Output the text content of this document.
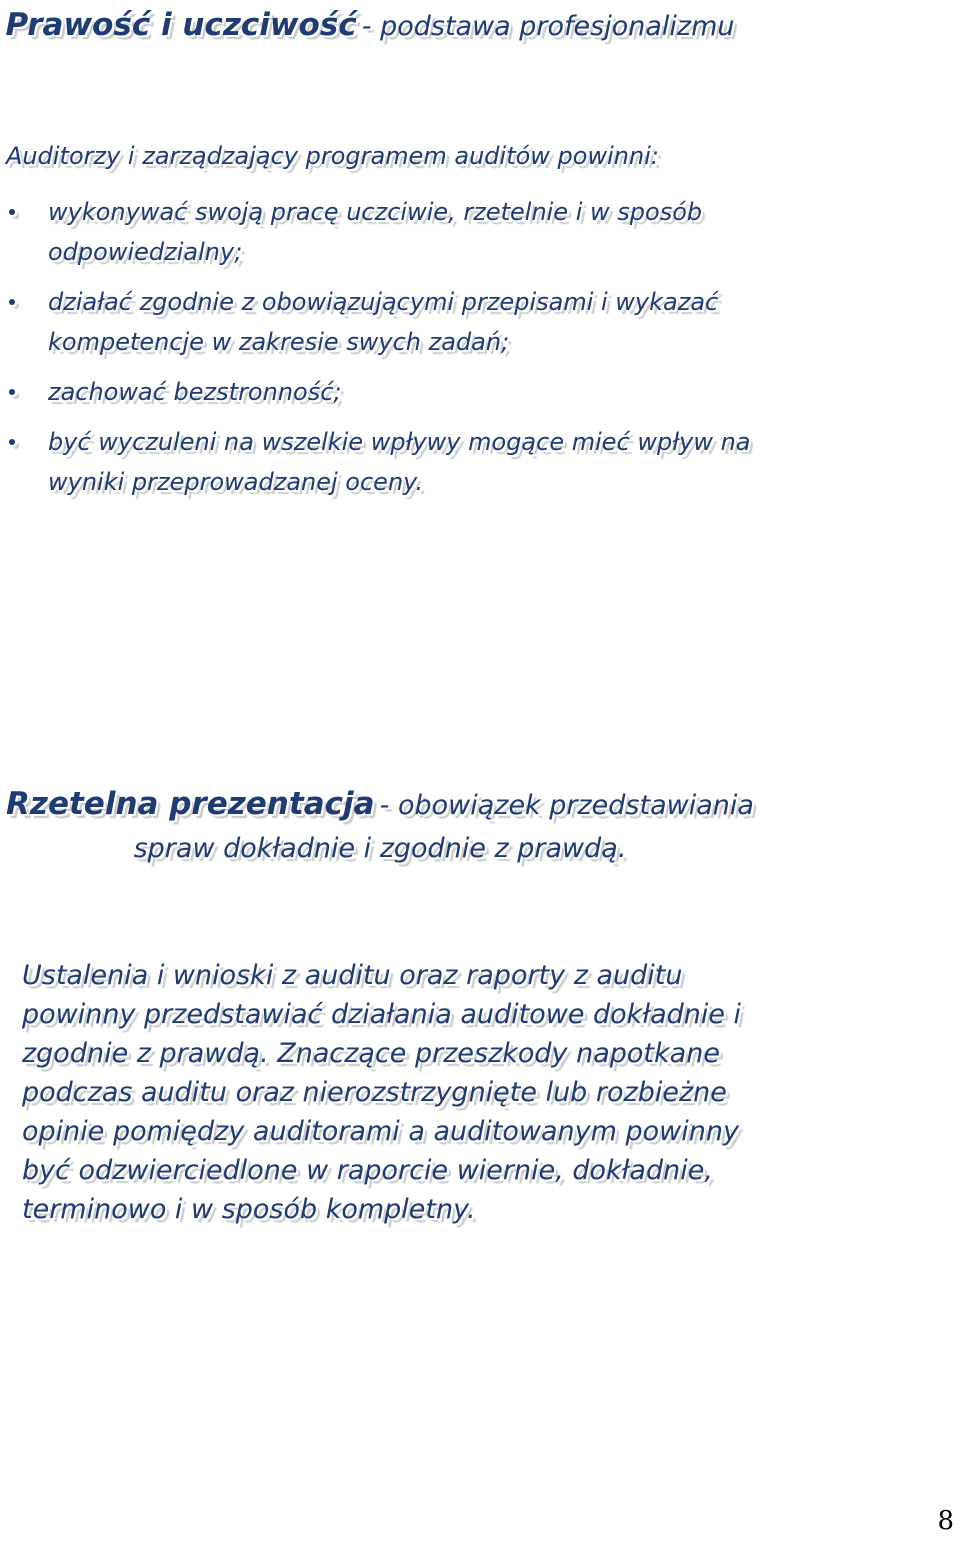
Prawość i uczciwość - podstawa profesjonalizmu
Auditorzy i zarządzający programem auditów powinni:
wykonywać swoją pracę uczciwie, rzetelnie i w sposób odpowiedzialny;
działać zgodnie z obowiązującymi przepisami i wykazać kompetencje w zakresie swych zadań;
zachować bezstronność;
być wyczuleni na wszelkie wpływy mogące mieć wpływ na wyniki przeprowadzanej oceny.
Rzetelna prezentacja - obowiązek przedstawiania spraw dokładnie i zgodnie z prawdą.
Ustalenia i wnioski z auditu oraz raporty z auditu powinny przedstawiać działania auditowe dokładnie i zgodnie z prawdą. Znaczące przeszkody napotkane podczas auditu oraz nierozstrzygnięte lub rozbieżne opinie pomiędzy auditorami a auditowanym powinny być odzwierciedlone w raporcie wiernie, dokładnie, terminowo i w sposób kompletny.
8
